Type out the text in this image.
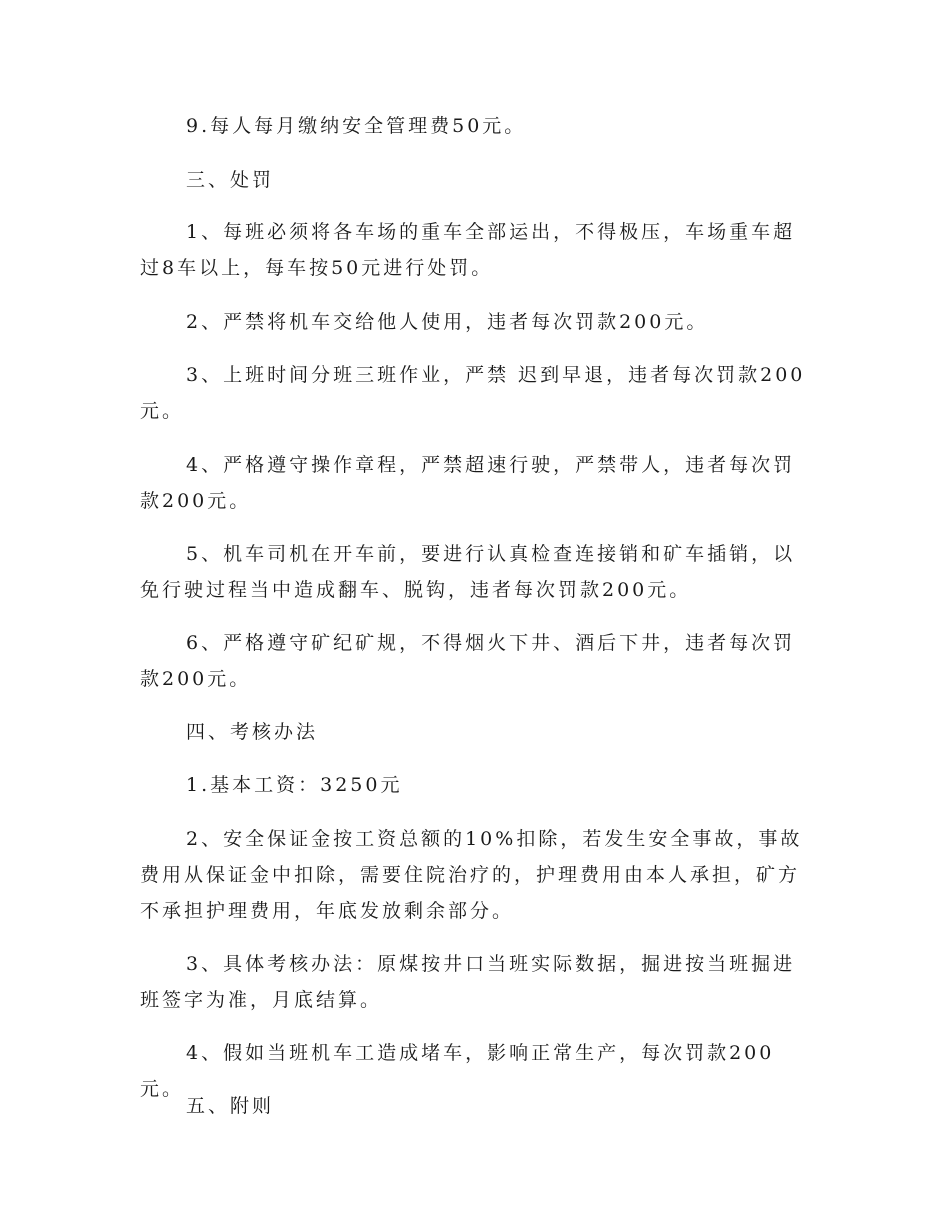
9.每人每月缴纳安全管理费50元。

三、处罚

1、每班必须将各车场的重车全部运出，不得极压，车场重车超过8车以上，每车按50元进行处罚。

2、严禁将机车交给他人使用，违者每次罚款200元。

3、上班时间分班三班作业，严禁 迟到早退，违者每次罚款200元。

4、严格遵守操作章程，严禁超速行驶，严禁带人，违者每次罚款200元。

5、机车司机在开车前，要进行认真检查连接销和矿车插销，以免行驶过程当中造成翻车、脱钩，违者每次罚款200元。

6、严格遵守矿纪矿规，不得烟火下井、酒后下井，违者每次罚款200元。

四、考核办法

1.基本工资：3250元

2、安全保证金按工资总额的10%扣除，若发生安全事故，事故费用从保证金中扣除，需要住院治疗的，护理费用由本人承担，矿方不承担护理费用，年底发放剩余部分。

3、具体考核办法：原煤按井口当班实际数据，掘进按当班掘进班签字为准，月底结算。

4、假如当班机车工造成堵车，影响正常生产，每次罚款200元。

五、附则
